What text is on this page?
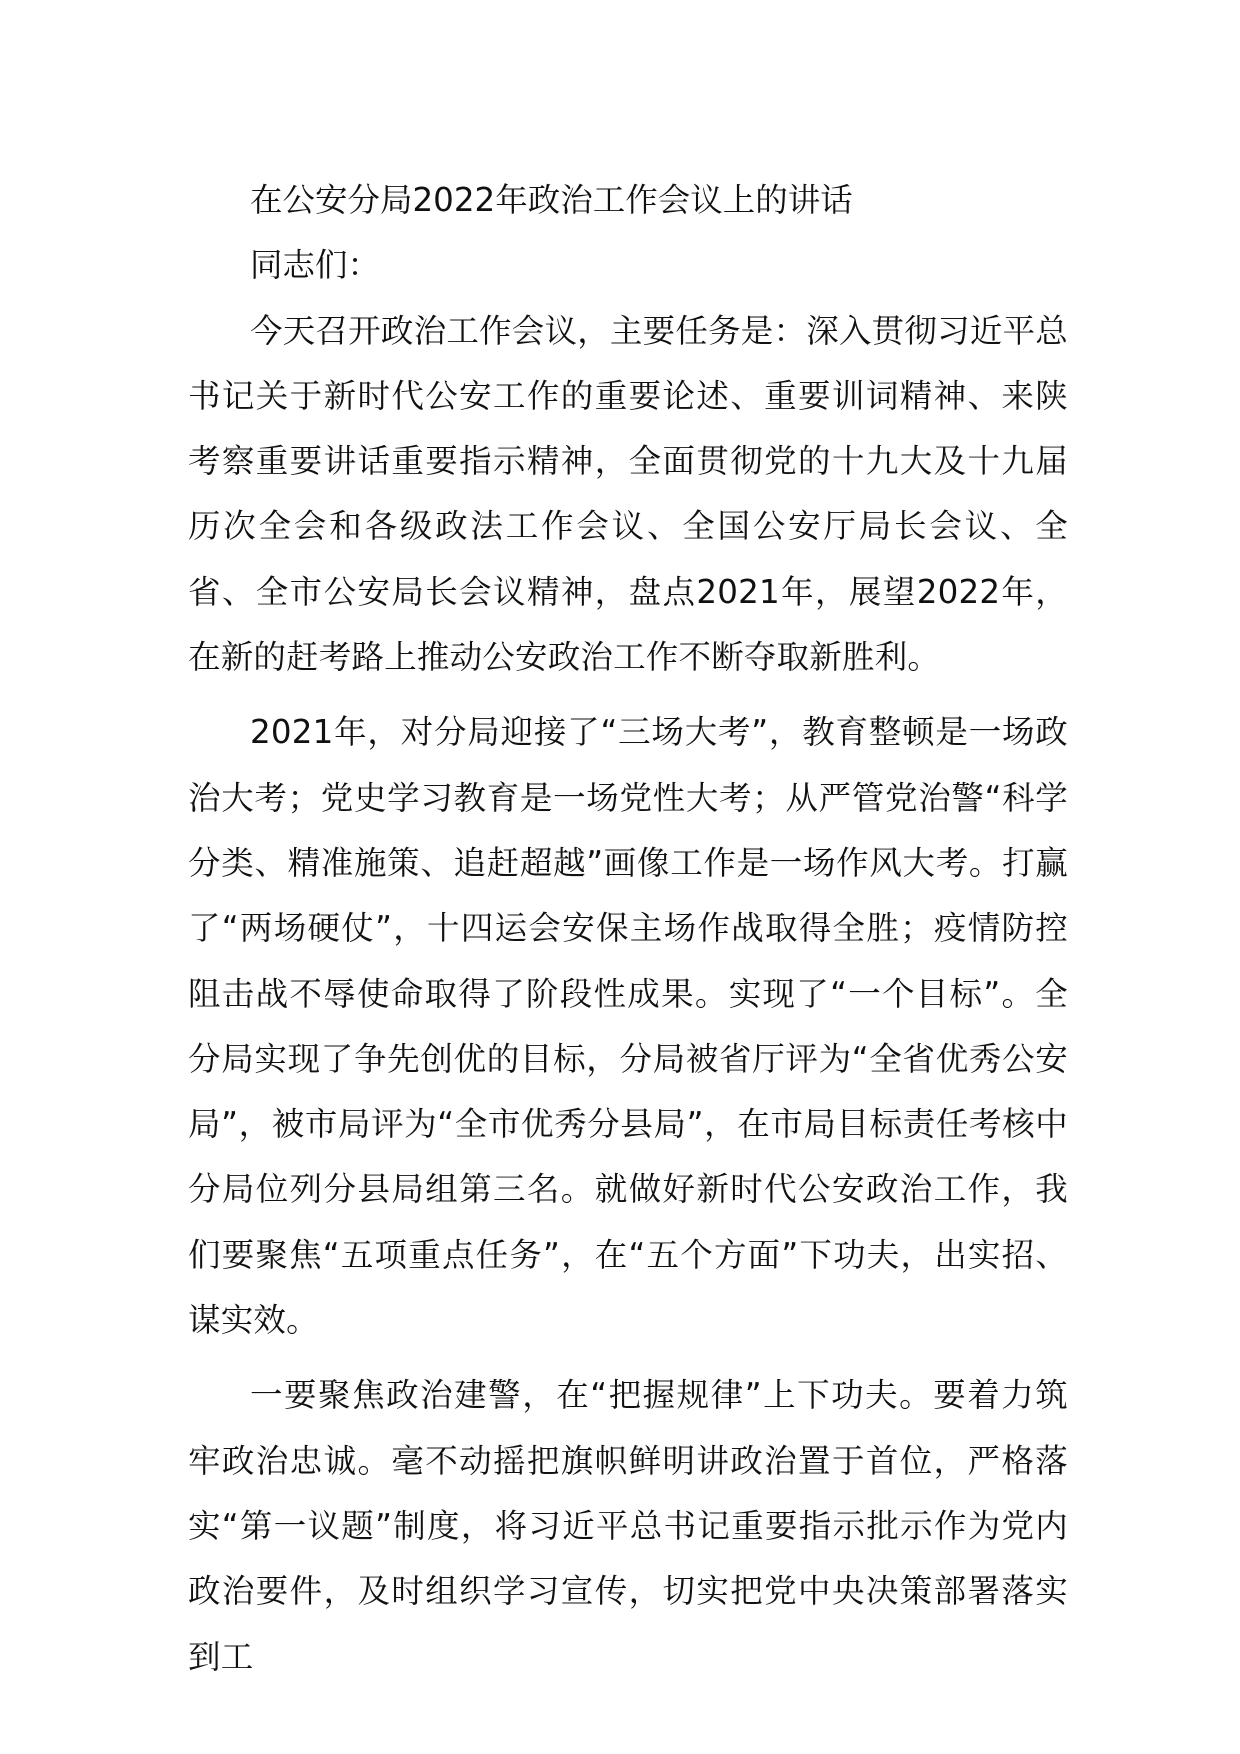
在公安分局2022年政治工作会议上的讲话

同志们：

今天召开政治工作会议，主要任务是：深入贯彻习近平总书记关于新时代公安工作的重要论述、重要训词精神、来陕考察重要讲话重要指示精神，全面贯彻党的十九大及十九届历次全会和各级政法工作会议、全国公安厅局长会议、全省、全市公安局长会议精神，盘点2021年，展望2022年，在新的赶考路上推动公安政治工作不断夺取新胜利。

2021年，对分局迎接了“三场大考”，教育整顿是一场政治大考；党史学习教育是一场党性大考；从严管党治警“科学分类、精准施策、追赶超越”画像工作是一场作风大考。打赢了“两场硬仗”，十四运会安保主场作战取得全胜；疫情防控阻击战不辱使命取得了阶段性成果。实现了“一个目标”。全分局实现了争先创优的目标，分局被省厅评为“全省优秀公安局”，被市局评为“全市优秀分县局”，在市局目标责任考核中分局位列分县局组第三名。就做好新时代公安政治工作，我们要聚焦“五项重点任务”，在“五个方面”下功夫，出实招、谋实效。

一要聚焦政治建警，在“把握规律”上下功夫。要着力筑牢政治忠诚。毫不动摇把旗帜鲜明讲政治置于首位，严格落实“第一议题”制度，将习近平总书记重要指示批示作为党内政治要件，及时组织学习宣传，切实把党中央决策部署落实到工
